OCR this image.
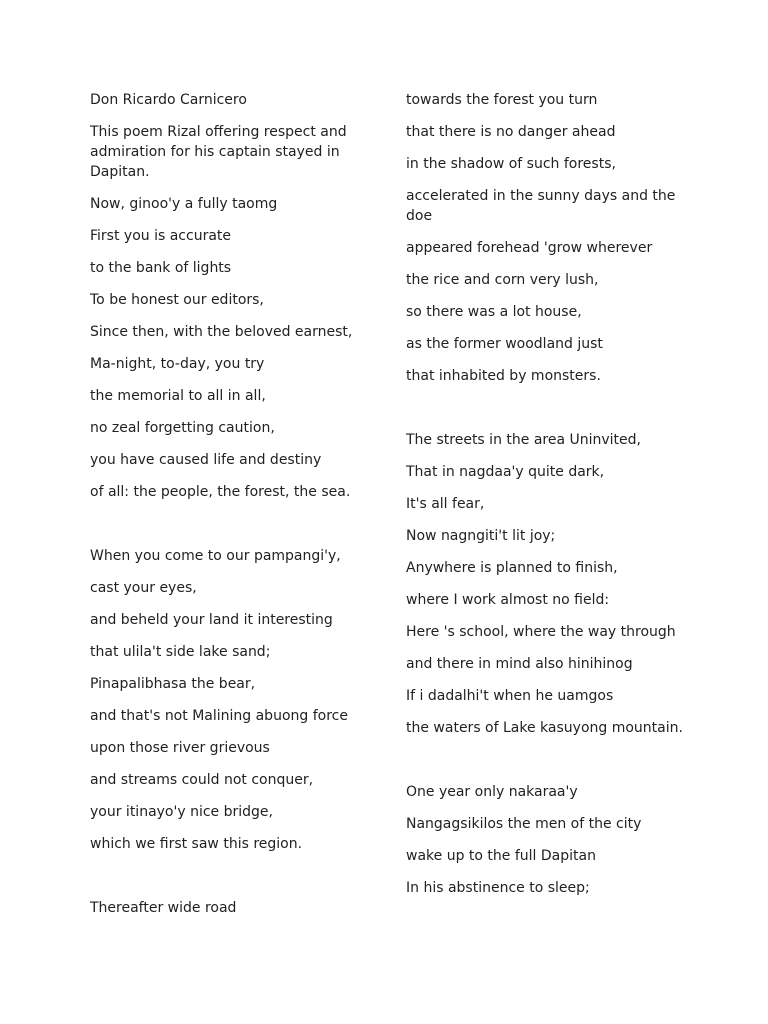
Don Ricardo Carnicero

This poem Rizal offering respect and admiration for his captain stayed in Dapitan.

Now, ginoo'y a fully taomg

First you is accurate

to the bank of lights

To be honest our editors,

Since then, with the beloved earnest,

Ma-night, to-day, you try

the memorial to all in all,

no zeal forgetting caution,

you have caused life and destiny

of all: the people, the forest, the sea.

When you come to our pampangi'y,

cast your eyes,

and beheld your land it interesting

that ulila't side lake sand;

Pinapalibhasa the bear,

and that's not Malining abuong force

upon those river grievous

and streams could not conquer,

your itinayo'y nice bridge,

which we first saw this region.

Thereafter wide road

towards the forest you turn

that there is no danger ahead

in the shadow of such forests,

accelerated in the sunny days and the doe

appeared forehead 'grow wherever

the rice and corn very lush,

so there was a lot house,

as the former woodland just

that inhabited by monsters.

The streets in the area Uninvited,

That in nagdaa'y quite dark,

It's all fear,

Now nagngiti't lit joy;

Anywhere is planned to finish,

where I work almost no field:

Here 's school, where the way through

and there in mind also hinihinog

If i dadalhi't when he uamgos

the waters of Lake kasuyong mountain.

One year only nakaraa'y

Nangagsikilos the men of the city

wake up to the full Dapitan

In his abstinence to sleep;
